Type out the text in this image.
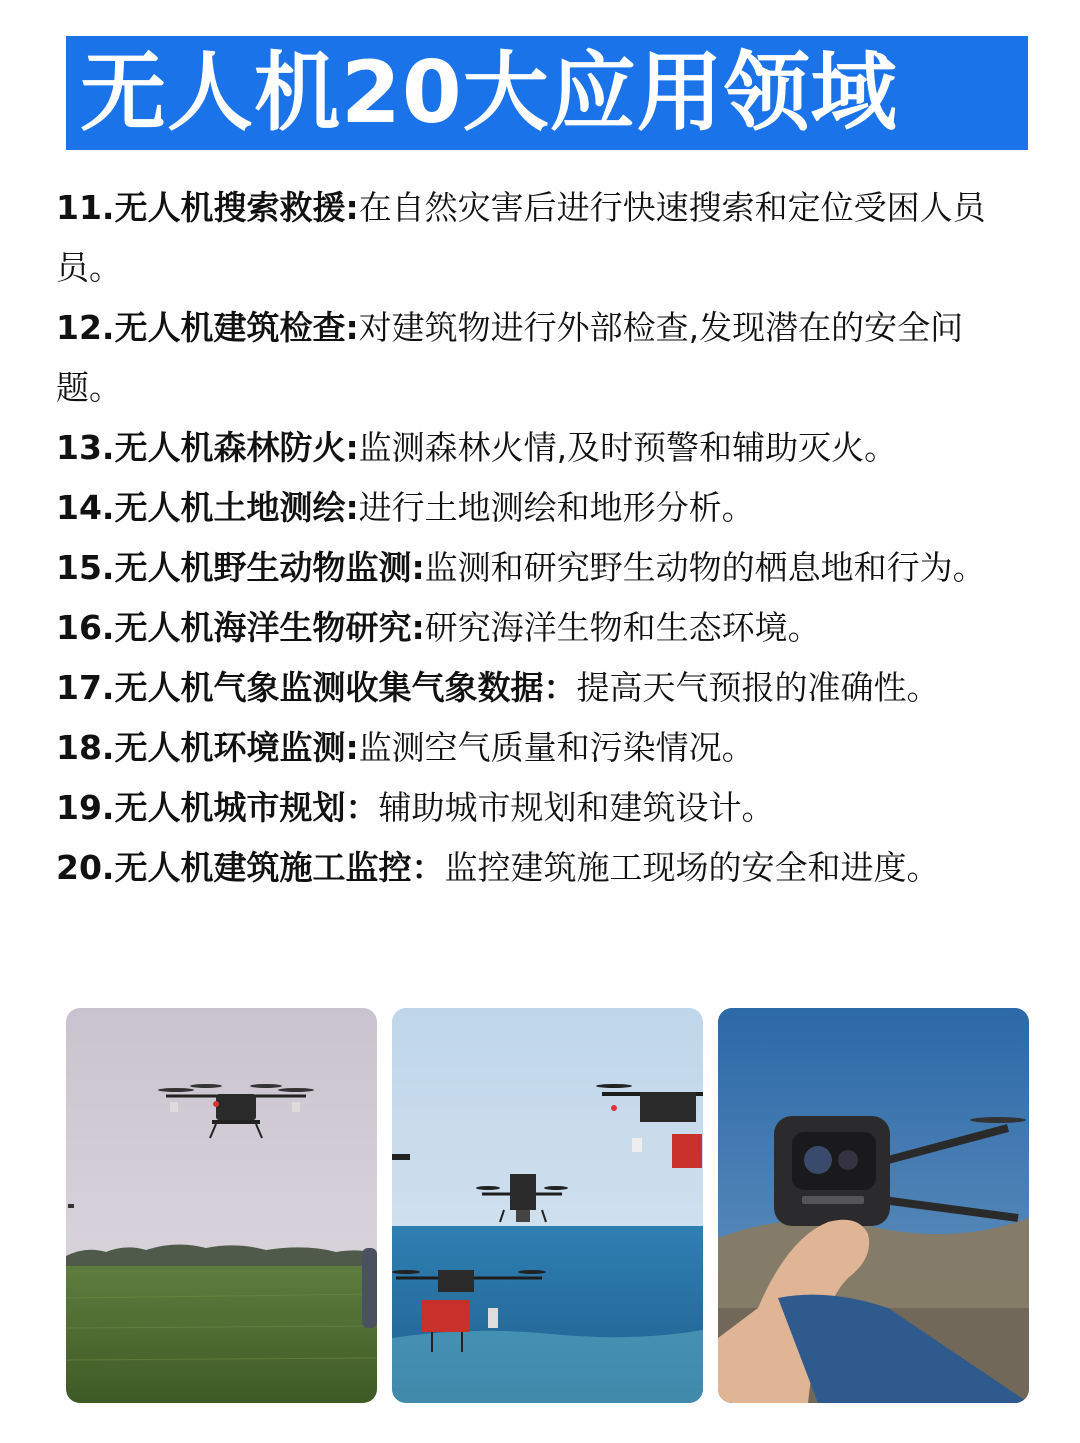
无人机20大应用领域
11.无人机搜索救援:在自然灾害后进行快速搜索和定位受困人员员。
12.无人机建筑检查:对建筑物进行外部检查,发现潜在的安全问题。
13.无人机森林防火:监测森林火情,及时预警和辅助灭火。
14.无人机土地测绘:进行土地测绘和地形分析。
15.无人机野生动物监测:监测和研究野生动物的栖息地和行为。
16.无人机海洋生物研究:研究海洋生物和生态环境。
17.无人机气象监测收集气象数据：提高天气预报的准确性。
18.无人机环境监测:监测空气质量和污染情况。
19.无人机城市规划：辅助城市规划和建筑设计。
20.无人机建筑施工监控：监控建筑施工现场的安全和进度。
